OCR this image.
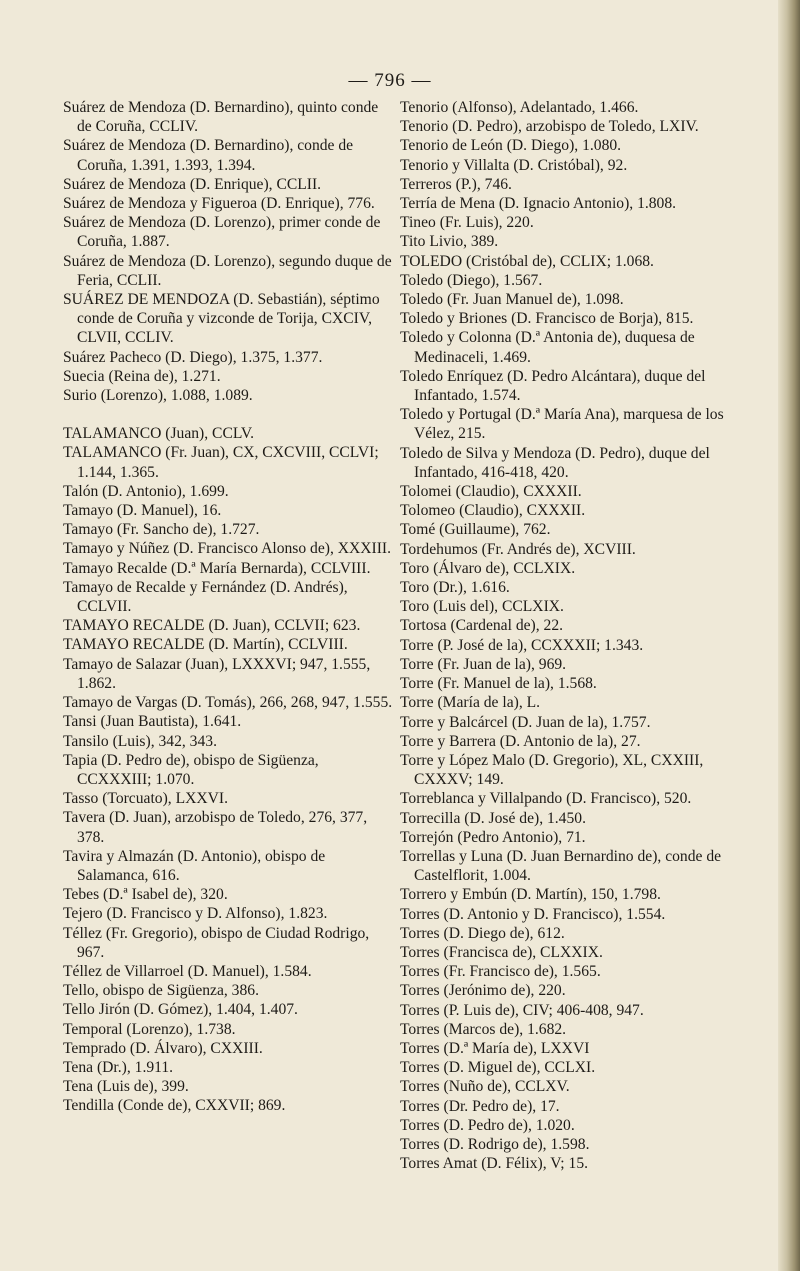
— 796 —

Suárez de Mendoza (D. Bernardino), quinto conde de Coruña, CCLIV.

Suárez de Mendoza (D. Bernardino), conde de Coruña, 1.391, 1.393, 1.394.

Suárez de Mendoza (D. Enrique), CCLII.

Suárez de Mendoza y Figueroa (D. Enrique), 776.

Suárez de Mendoza (D. Lorenzo), primer conde de Coruña, 1.887.

Suárez de Mendoza (D. Lorenzo), segundo duque de Feria, CCLII.

SUÁREZ DE MENDOZA (D. Sebastián), séptimo conde de Coruña y vizconde de Torija, CXCIV, CLVII, CCLIV.

Suárez Pacheco (D. Diego), 1.375, 1.377.

Suecia (Reina de), 1.271.

Surio (Lorenzo), 1.088, 1.089.

TALAMANCO (Juan), CCLV.

TALAMANCO (Fr. Juan), CX, CXCVIII, CCLVI; 1.144, 1.365.

Talón (D. Antonio), 1.699.

Tamayo (D. Manuel), 16.

Tamayo (Fr. Sancho de), 1.727.

Tamayo y Núñez (D. Francisco Alonso de), XXXIII.

Tamayo Recalde (D.ª María Bernarda), CCLVIII.

Tamayo de Recalde y Fernández (D. Andrés), CCLVII.

TAMAYO RECALDE (D. Juan), CCLVII; 623.

TAMAYO RECALDE (D. Martín), CCLVIII.

Tamayo de Salazar (Juan), LXXXVI; 947, 1.555, 1.862.

Tamayo de Vargas (D. Tomás), 266, 268, 947, 1.555.

Tansi (Juan Bautista), 1.641.

Tansilo (Luis), 342, 343.

Tapia (D. Pedro de), obispo de Sigüenza, CCXXXIII; 1.070.

Tasso (Torcuato), LXXVI.

Tavera (D. Juan), arzobispo de Toledo, 276, 377, 378.

Tavira y Almazán (D. Antonio), obispo de Salamanca, 616.

Tebes (D.ª Isabel de), 320.

Tejero (D. Francisco y D. Alfonso), 1.823.

Téllez (Fr. Gregorio), obispo de Ciudad Rodrigo, 967.

Téllez de Villarroel (D. Manuel), 1.584.

Tello, obispo de Sigüenza, 386.

Tello Jirón (D. Gómez), 1.404, 1.407.

Temporal (Lorenzo), 1.738.

Temprado (D. Álvaro), CXXIII.

Tena (Dr.), 1.911.

Tena (Luis de), 399.

Tendilla (Conde de), CXXVII; 869.

Tenorio (Alfonso), Adelantado, 1.466.

Tenorio (D. Pedro), arzobispo de Toledo, LXIV.

Tenorio de León (D. Diego), 1.080.

Tenorio y Villalta (D. Cristóbal), 92.

Terreros (P.), 746.

Terría de Mena (D. Ignacio Antonio), 1.808.

Tineo (Fr. Luis), 220.

Tito Livio, 389.

TOLEDO (Cristóbal de), CCLIX; 1.068.

Toledo (Diego), 1.567.

Toledo (Fr. Juan Manuel de), 1.098.

Toledo y Briones (D. Francisco de Borja), 815.

Toledo y Colonna (D.ª Antonia de), duquesa de Medinaceli, 1.469.

Toledo Enríquez (D. Pedro Alcántara), duque del Infantado, 1.574.

Toledo y Portugal (D.ª María Ana), marquesa de los Vélez, 215.

Toledo de Silva y Mendoza (D. Pedro), duque del Infantado, 416-418, 420.

Tolomei (Claudio), CXXXII.

Tolomeo (Claudio), CXXXII.

Tomé (Guillaume), 762.

Tordehumos (Fr. Andrés de), XCVIII.

Toro (Álvaro de), CCLXIX.

Toro (Dr.), 1.616.

Toro (Luis del), CCLXIX.

Tortosa (Cardenal de), 22.

Torre (P. José de la), CCXXXII; 1.343.

Torre (Fr. Juan de la), 969.

Torre (Fr. Manuel de la), 1.568.

Torre (María de la), L.

Torre y Balcárcel (D. Juan de la), 1.757.

Torre y Barrera (D. Antonio de la), 27.

Torre y López Malo (D. Gregorio), XL, CXXIII, CXXXV; 149.

Torreblanca y Villalpando (D. Francisco), 520.

Torrecilla (D. José de), 1.450.

Torrejón (Pedro Antonio), 71.

Torrellas y Luna (D. Juan Bernardino de), conde de Castelflorit, 1.004.

Torrero y Embún (D. Martín), 150, 1.798.

Torres (D. Antonio y D. Francisco), 1.554.

Torres (D. Diego de), 612.

Torres (Francisca de), CLXXIX.

Torres (Fr. Francisco de), 1.565.

Torres (Jerónimo de), 220.

Torres (P. Luis de), CIV; 406-408, 947.

Torres (Marcos de), 1.682.

Torres (D.ª María de), LXXVI

Torres (D. Miguel de), CCLXI.

Torres (Nuño de), CCLXV.

Torres (Dr. Pedro de), 17.

Torres (D. Pedro de), 1.020.

Torres (D. Rodrigo de), 1.598.

Torres Amat (D. Félix), V; 15.
